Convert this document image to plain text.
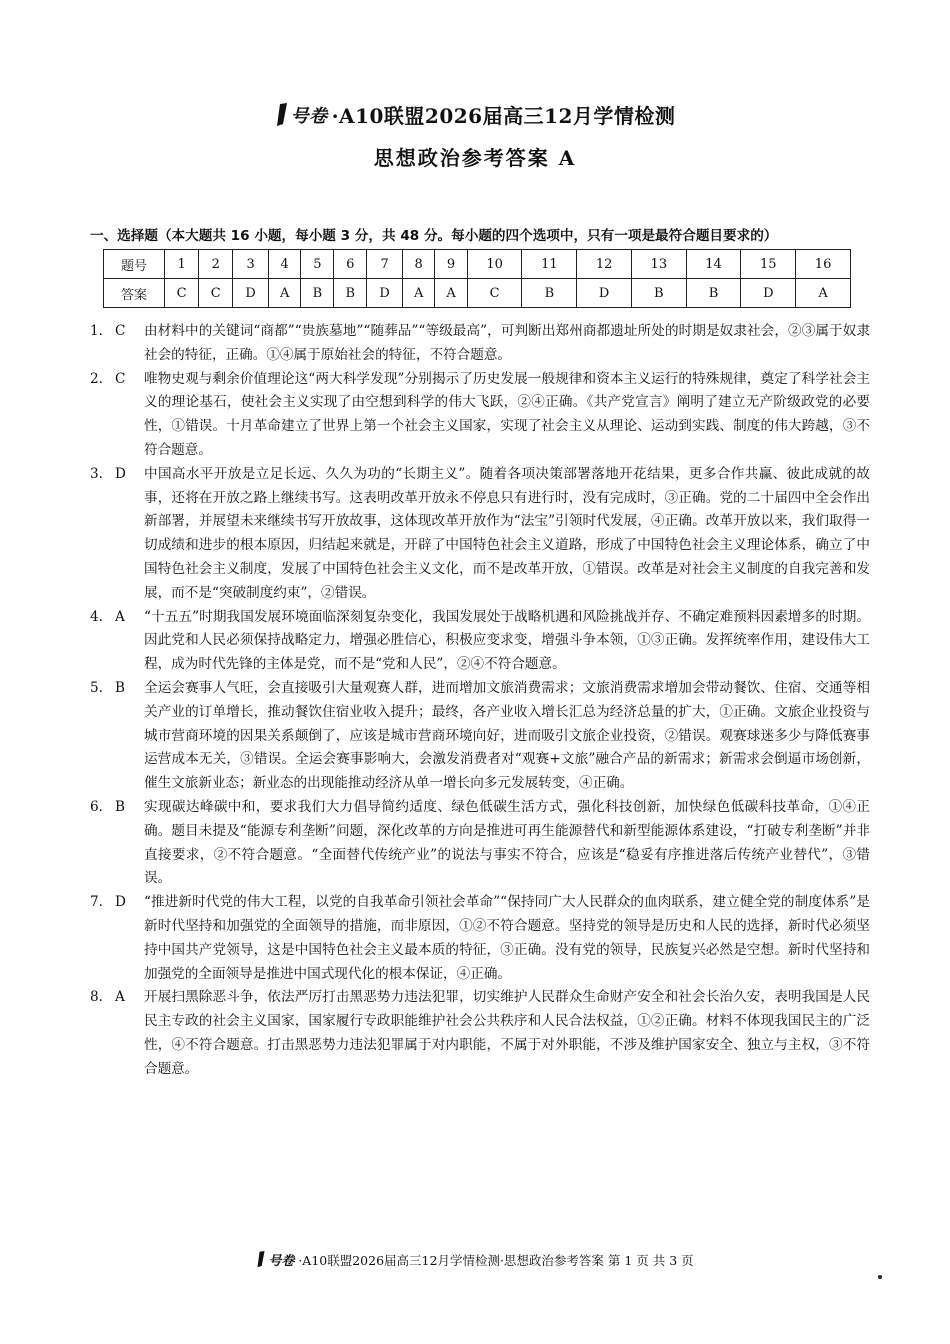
号卷 ·A10联盟2026届高三12月学情检测
思想政治参考答案 A
一、选择题（本大题共 16 小题，每小题 3 分，共 48 分。每小题的四个选项中，只有一项是最符合题目要求的）
题号	1	2	3	4	5	6	7	8	9	10	11	12	13	14	15	16
答案	C	C	D	A	B	B	D	A	A	C	B	D	B	B	D	A
1. C 由材料中的关键词“商都”“贵族墓地”“随葬品”“等级最高”，可判断出郑州商都遗址所处的时期是奴隶社会，②③属于奴隶社会的特征，正确。①④属于原始社会的特征，不符合题意。
2. C 唯物史观与剩余价值理论这“两大科学发现”分别揭示了历史发展一般规律和资本主义运行的特殊规律，奠定了科学社会主义的理论基石，使社会主义实现了由空想到科学的伟大飞跃，②④正确。《共产党宣言》阐明了建立无产阶级政党的必要性，①错误。十月革命建立了世界上第一个社会主义国家，实现了社会主义从理论、运动到实践、制度的伟大跨越，③不符合题意。
3. D 中国高水平开放是立足长远、久久为功的“长期主义”。随着各项决策部署落地开花结果，更多合作共赢、彼此成就的故事，还将在开放之路上继续书写。这表明改革开放永不停息只有进行时，没有完成时，③正确。党的二十届四中全会作出新部署，并展望未来继续书写开放故事，这体现改革开放作为“法宝”引领时代发展，④正确。改革开放以来，我们取得一切成绩和进步的根本原因，归结起来就是，开辟了中国特色社会主义道路，形成了中国特色社会主义理论体系，确立了中国特色社会主义制度，发展了中国特色社会主义文化，而不是改革开放，①错误。改革是对社会主义制度的自我完善和发展，而不是“突破制度约束”，②错误。
4. A “十五五”时期我国发展环境面临深刻复杂变化，我国发展处于战略机遇和风险挑战并存、不确定难预料因素增多的时期。因此党和人民必须保持战略定力，增强必胜信心，积极应变求变，增强斗争本领，①③正确。发挥统率作用，建设伟大工程，成为时代先锋的主体是党，而不是“党和人民”，②④不符合题意。
5. B 全运会赛事人气旺，会直接吸引大量观赛人群，进而增加文旅消费需求；文旅消费需求增加会带动餐饮、住宿、交通等相关产业的订单增长，推动餐饮住宿业收入提升；最终，各产业收入增长汇总为经济总量的扩大，①正确。文旅企业投资与城市营商环境的因果关系颠倒了，应该是城市营商环境向好，进而吸引文旅企业投资，②错误。观赛球迷多少与降低赛事运营成本无关，③错误。全运会赛事影响大，会激发消费者对“观赛+文旅”融合产品的新需求；新需求会倒逼市场创新，催生文旅新业态；新业态的出现能推动经济从单一增长向多元发展转变，④正确。
6. B 实现碳达峰碳中和，要求我们大力倡导简约适度、绿色低碳生活方式，强化科技创新，加快绿色低碳科技革命，①④正确。题目未提及“能源专利垄断”问题，深化改革的方向是推进可再生能源替代和新型能源体系建设，“打破专利垄断”并非直接要求，②不符合题意。“全面替代传统产业”的说法与事实不符合，应该是“稳妥有序推进落后传统产业替代”，③错误。
7. D “推进新时代党的伟大工程，以党的自我革命引领社会革命”“保持同广大人民群众的血肉联系，建立健全党的制度体系”是新时代坚持和加强党的全面领导的措施，而非原因，①②不符合题意。坚持党的领导是历史和人民的选择，新时代必须坚持中国共产党领导，这是中国特色社会主义最本质的特征，③正确。没有党的领导，民族复兴必然是空想。新时代坚持和加强党的全面领导是推进中国式现代化的根本保证，④正确。
8. A 开展扫黑除恶斗争，依法严厉打击黑恶势力违法犯罪，切实维护人民群众生命财产安全和社会长治久安，表明我国是人民民主专政的社会主义国家，国家履行专政职能维护社会公共秩序和人民合法权益，①②正确。材料不体现我国民主的广泛性，④不符合题意。打击黑恶势力违法犯罪属于对内职能，不属于对外职能，不涉及维护国家安全、独立与主权，③不符合题意。
号卷 ·A10联盟2026届高三12月学情检测·思想政治参考答案 第 1 页 共 3 页
